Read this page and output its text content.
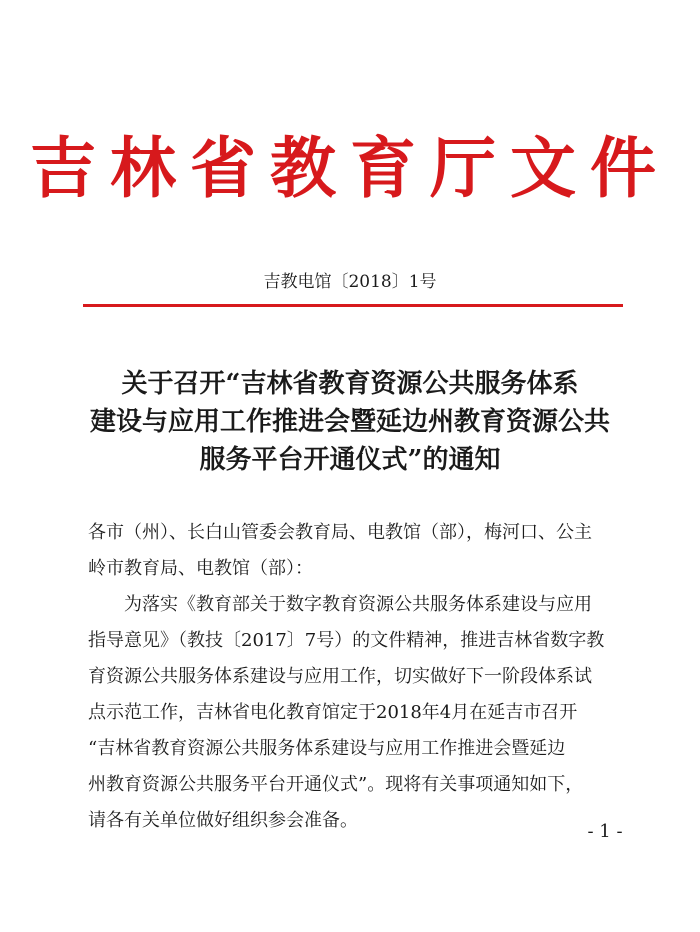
吉林省教育厅文件
吉教电馆〔2018〕1号
关于召开“吉林省教育资源公共服务体系
建设与应用工作推进会暨延边州教育资源公共
服务平台开通仪式”的通知
各市（州）、长白山管委会教育局、电教馆（部），梅河口、公主
岭市教育局、电教馆（部）：
为落实《教育部关于数字教育资源公共服务体系建设与应用
指导意见》（教技〔2017〕7号）的文件精神，推进吉林省数字教
育资源公共服务体系建设与应用工作，切实做好下一阶段体系试
点示范工作，吉林省电化教育馆定于2018年4月在延吉市召开
“吉林省教育资源公共服务体系建设与应用工作推进会暨延边
州教育资源公共服务平台开通仪式”。现将有关事项通知如下，
请各有关单位做好组织参会准备。
- 1 -
